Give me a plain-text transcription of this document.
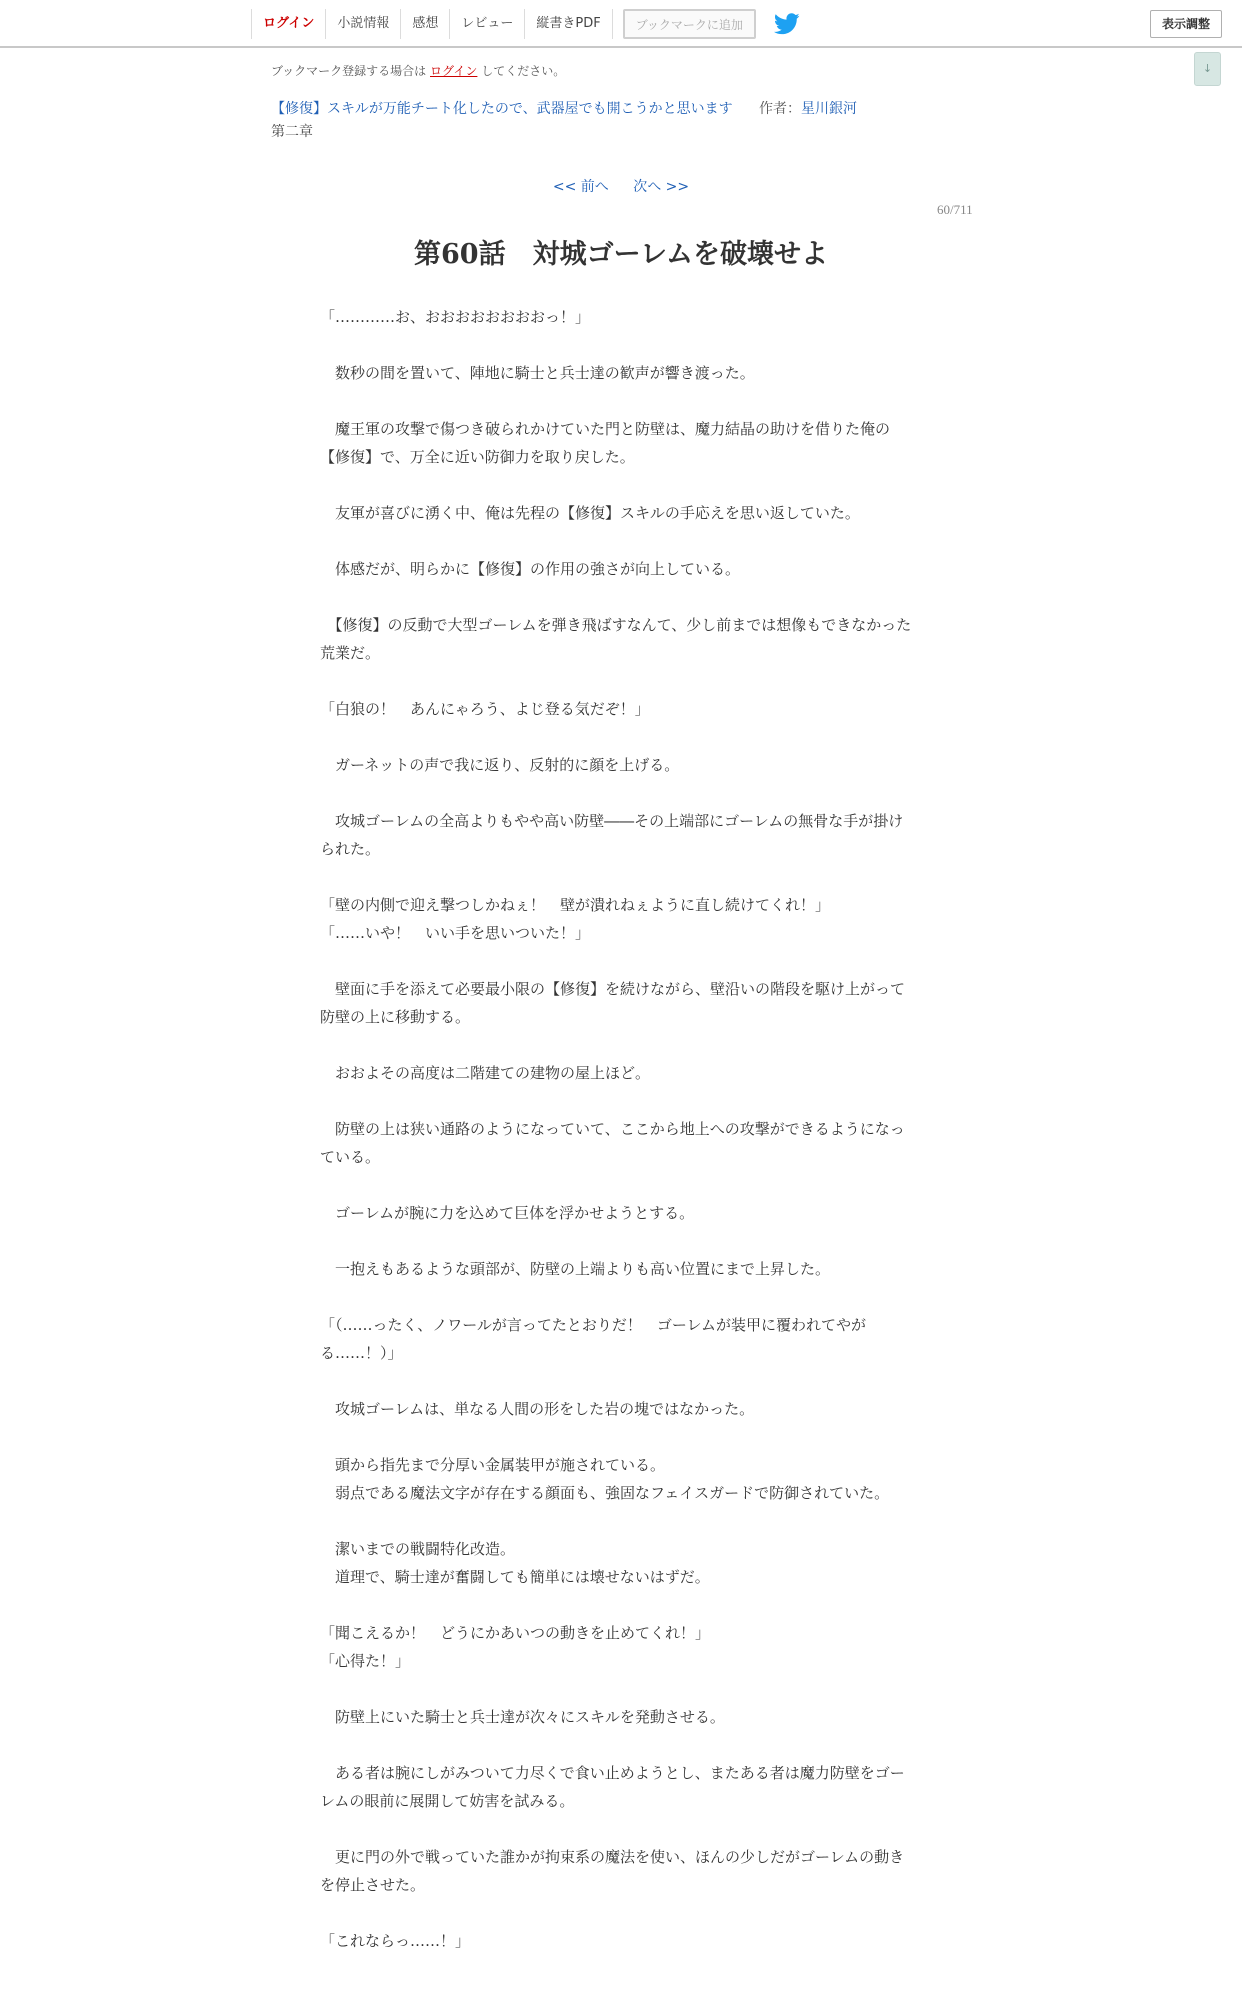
ログイン	小説情報	感想	レビュー	縦書きPDF	ブックマークに追加	表示調整
↓
ブックマーク登録する場合は ログイン してください。
【修復】スキルが万能チート化したので、武器屋でも開こうかと思います 作者：星川銀河
第二章
<< 前へ 次へ >>
60/711
第60話　対城ゴーレムを破壊せよ
「…………お、おおおおおおおおっ！」
　数秒の間を置いて、陣地に騎士と兵士達の歓声が響き渡った。
　魔王軍の攻撃で傷つき破られかけていた門と防壁は、魔力結晶の助けを借りた俺の【修復】で、万全に近い防御力を取り戻した。
　友軍が喜びに湧く中、俺は先程の【修復】スキルの手応えを思い返していた。
　体感だが、明らかに【修復】の作用の強さが向上している。
　【修復】の反動で大型ゴーレムを弾き飛ばすなんて、少し前までは想像もできなかった荒業だ。
「白狼の！　あんにゃろう、よじ登る気だぞ！」
　ガーネットの声で我に返り、反射的に顔を上げる。
　攻城ゴーレムの全高よりもやや高い防壁――その上端部にゴーレムの無骨な手が掛けられた。
「壁の内側で迎え撃つしかねぇ！　壁が潰れねぇように直し続けてくれ！」
「……いや！　いい手を思いついた！」
　壁面に手を添えて必要最小限の【修復】を続けながら、壁沿いの階段を駆け上がって防壁の上に移動する。
　おおよその高度は二階建ての建物の屋上ほど。
　防壁の上は狭い通路のようになっていて、ここから地上への攻撃ができるようになっている。
　ゴーレムが腕に力を込めて巨体を浮かせようとする。
　一抱えもあるような頭部が、防壁の上端よりも高い位置にまで上昇した。
「（……ったく、ノワールが言ってたとおりだ！　ゴーレムが装甲に覆われてやがる……！）」
　攻城ゴーレムは、単なる人間の形をした岩の塊ではなかった。
　頭から指先まで分厚い金属装甲が施されている。
　弱点である魔法文字が存在する顔面も、強固なフェイスガードで防御されていた。
　潔いまでの戦闘特化改造。
　道理で、騎士達が奮闘しても簡単には壊せないはずだ。
「聞こえるか！　どうにかあいつの動きを止めてくれ！」
「心得た！」
　防壁上にいた騎士と兵士達が次々にスキルを発動させる。
　ある者は腕にしがみついて力尽くで食い止めようとし、またある者は魔力防壁をゴーレムの眼前に展開して妨害を試みる。
　更に門の外で戦っていた誰かが拘束系の魔法を使い、ほんの少しだがゴーレムの動きを停止させた。
「これならっ……！」
